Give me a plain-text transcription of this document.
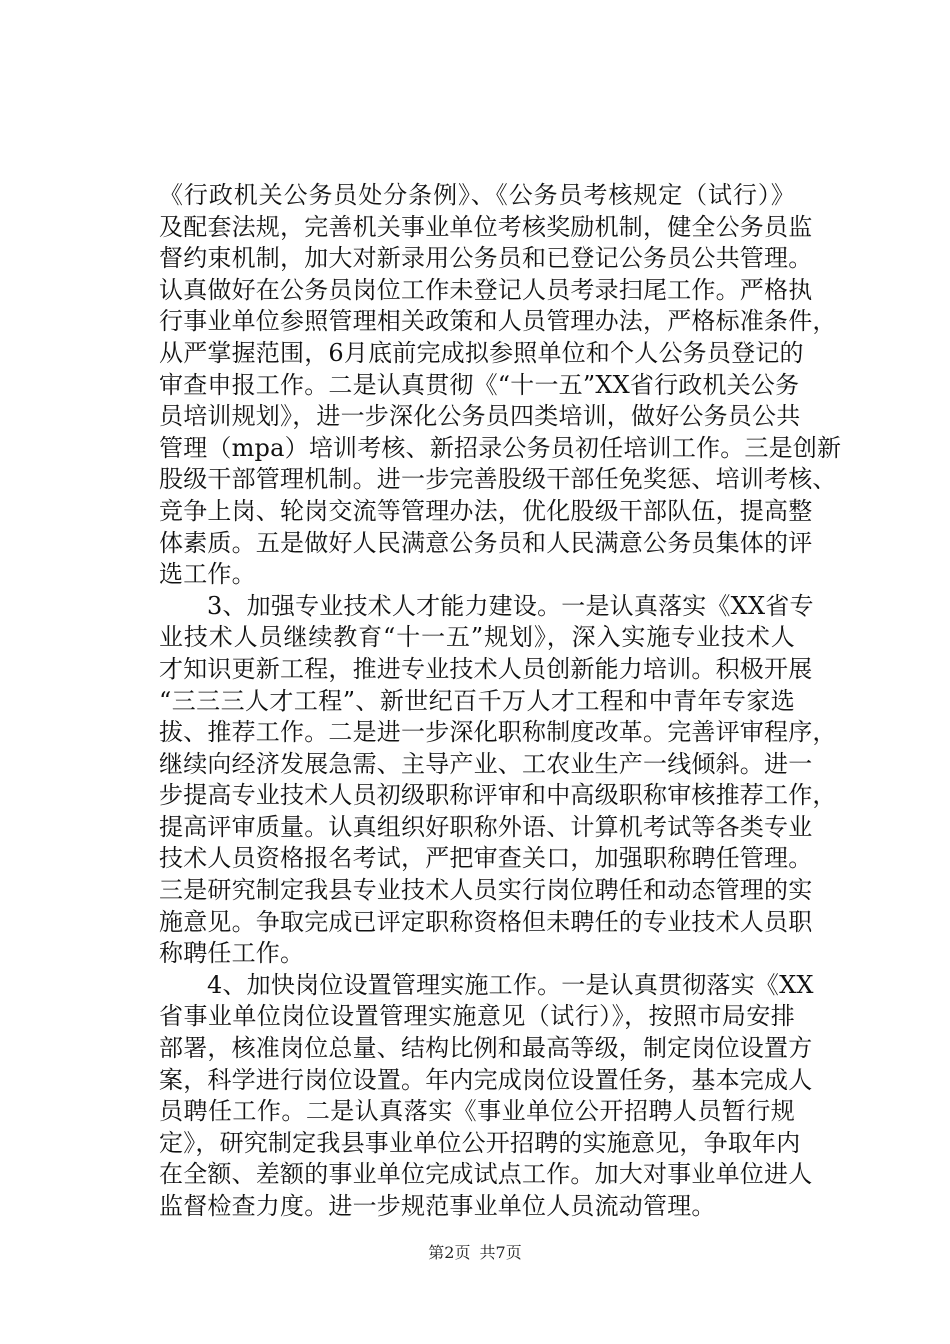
《行政机关公务员处分条例》、《公务员考核规定（试行）》
及配套法规，完善机关事业单位考核奖励机制，健全公务员监
督约束机制，加大对新录用公务员和已登记公务员公共管理。
认真做好在公务员岗位工作未登记人员考录扫尾工作。严格执
行事业单位参照管理相关政策和人员管理办法，严格标准条件，
从严掌握范围，6月底前完成拟参照单位和个人公务员登记的
审查申报工作。二是认真贯彻《“十一五”XX省行政机关公务
员培训规划》，进一步深化公务员四类培训，做好公务员公共
管理（mpa）培训考核、新招录公务员初任培训工作。三是创新
股级干部管理机制。进一步完善股级干部任免奖惩、培训考核、
竞争上岗、轮岗交流等管理办法，优化股级干部队伍，提高整
体素质。五是做好人民满意公务员和人民满意公务员集体的评
选工作。
3、加强专业技术人才能力建设。一是认真落实《XX省专
业技术人员继续教育“十一五”规划》，深入实施专业技术人
才知识更新工程，推进专业技术人员创新能力培训。积极开展
“三三三人才工程”、新世纪百千万人才工程和中青年专家选
拔、推荐工作。二是进一步深化职称制度改革。完善评审程序，
继续向经济发展急需、主导产业、工农业生产一线倾斜。进一
步提高专业技术人员初级职称评审和中高级职称审核推荐工作，
提高评审质量。认真组织好职称外语、计算机考试等各类专业
技术人员资格报名考试，严把审查关口，加强职称聘任管理。
三是研究制定我县专业技术人员实行岗位聘任和动态管理的实
施意见。争取完成已评定职称资格但未聘任的专业技术人员职
称聘任工作。
4、加快岗位设置管理实施工作。一是认真贯彻落实《XX
省事业单位岗位设置管理实施意见（试行）》，按照市局安排
部署，核准岗位总量、结构比例和最高等级，制定岗位设置方
案，科学进行岗位设置。年内完成岗位设置任务，基本完成人
员聘任工作。二是认真落实《事业单位公开招聘人员暂行规
定》，研究制定我县事业单位公开招聘的实施意见，争取年内
在全额、差额的事业单位完成试点工作。加大对事业单位进人
监督检查力度。进一步规范事业单位人员流动管理。
第2页 共7页
